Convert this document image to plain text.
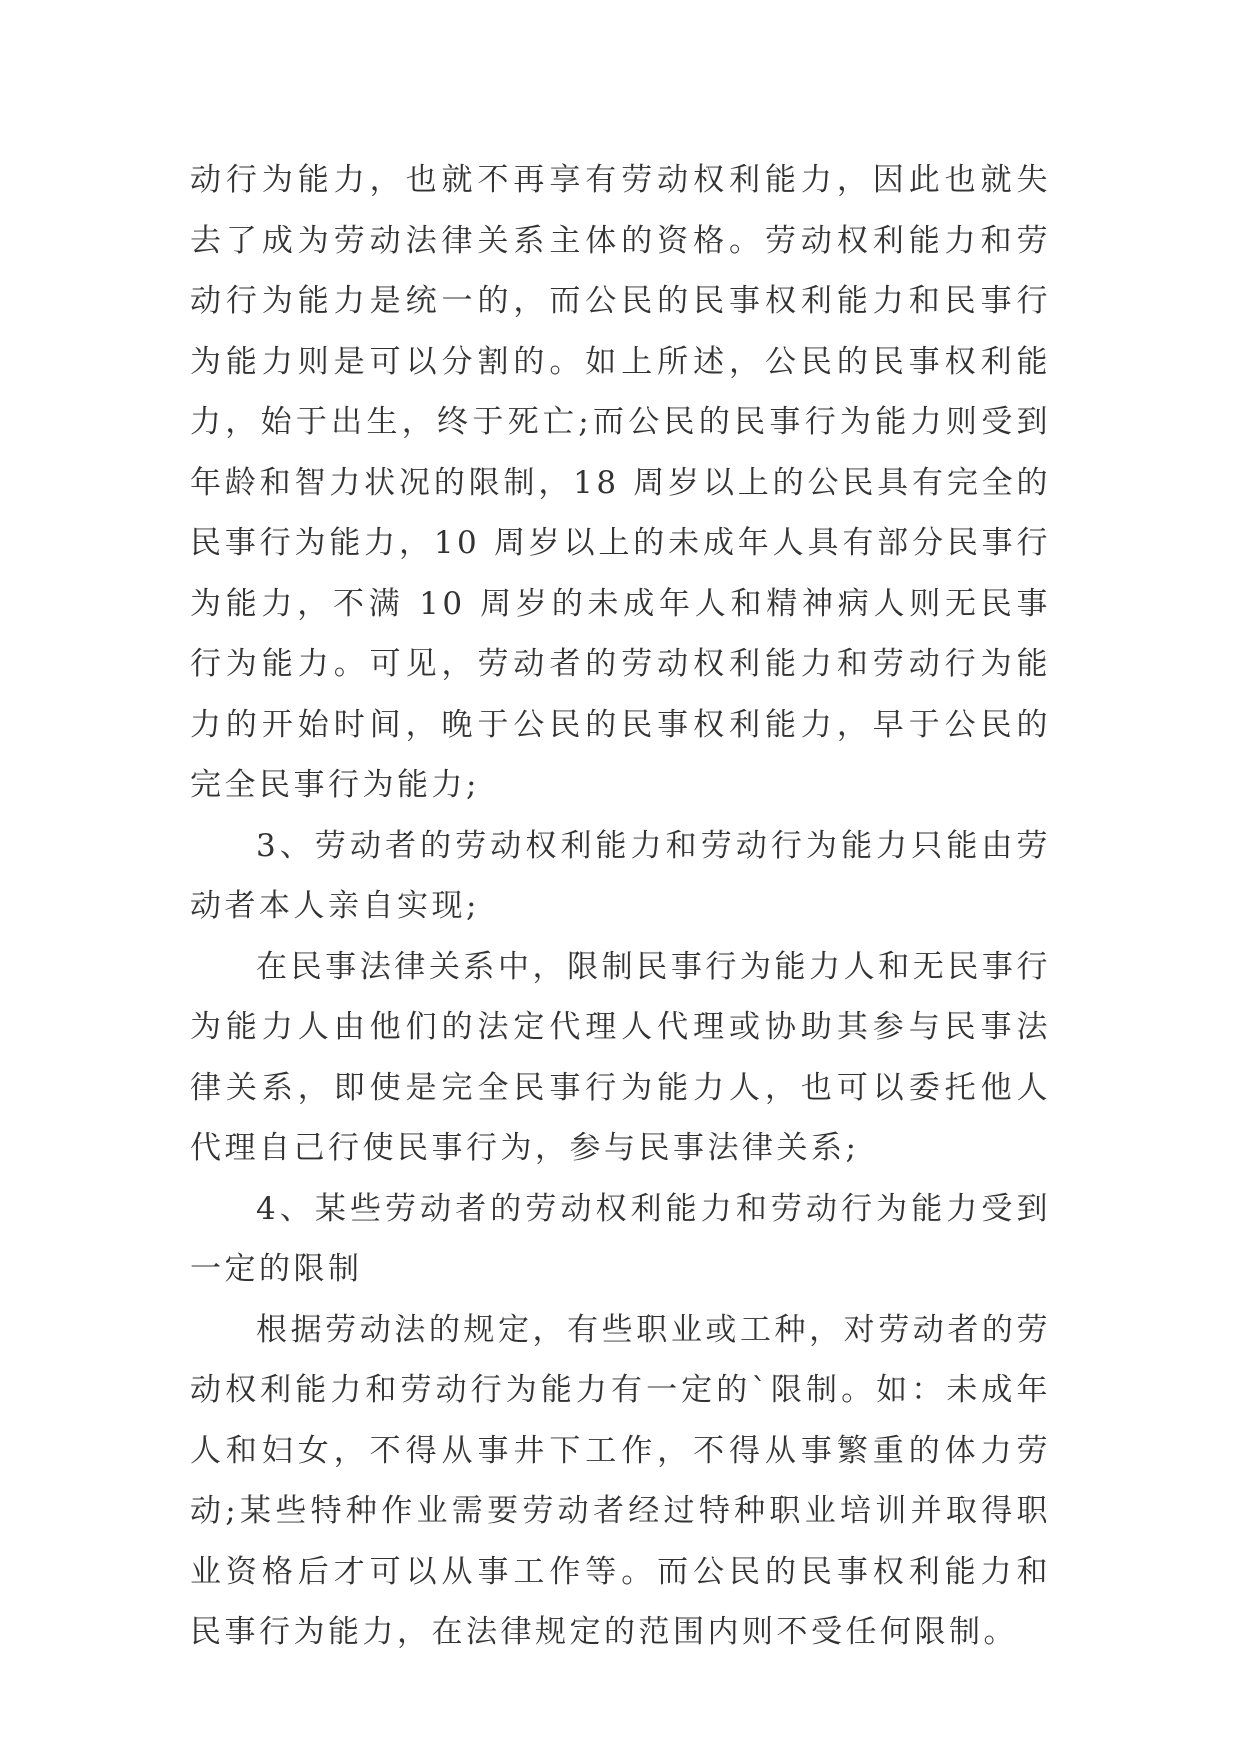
动行为能力，也就不再享有劳动权利能力，因此也就失去了成为劳动法律关系主体的资格。劳动权利能力和劳动行为能力是统一的，而公民的民事权利能力和民事行为能力则是可以分割的。如上所述，公民的民事权利能力，始于出生，终于死亡;而公民的民事行为能力则受到年龄和智力状况的限制，18 周岁以上的公民具有完全的民事行为能力，10 周岁以上的未成年人具有部分民事行为能力，不满 10 周岁的未成年人和精神病人则无民事行为能力。可见，劳动者的劳动权利能力和劳动行为能力的开始时间，晚于公民的民事权利能力，早于公民的完全民事行为能力;

3、劳动者的劳动权利能力和劳动行为能力只能由劳动者本人亲自实现;

在民事法律关系中，限制民事行为能力人和无民事行为能力人由他们的法定代理人代理或协助其参与民事法律关系，即使是完全民事行为能力人，也可以委托他人代理自己行使民事行为，参与民事法律关系;

4、某些劳动者的劳动权利能力和劳动行为能力受到一定的限制

根据劳动法的规定，有些职业或工种，对劳动者的劳动权利能力和劳动行为能力有一定的`限制。如：未成年人和妇女，不得从事井下工作，不得从事繁重的体力劳动;某些特种作业需要劳动者经过特种职业培训并取得职业资格后才可以从事工作等。而公民的民事权利能力和民事行为能力，在法律规定的范围内则不受任何限制。
